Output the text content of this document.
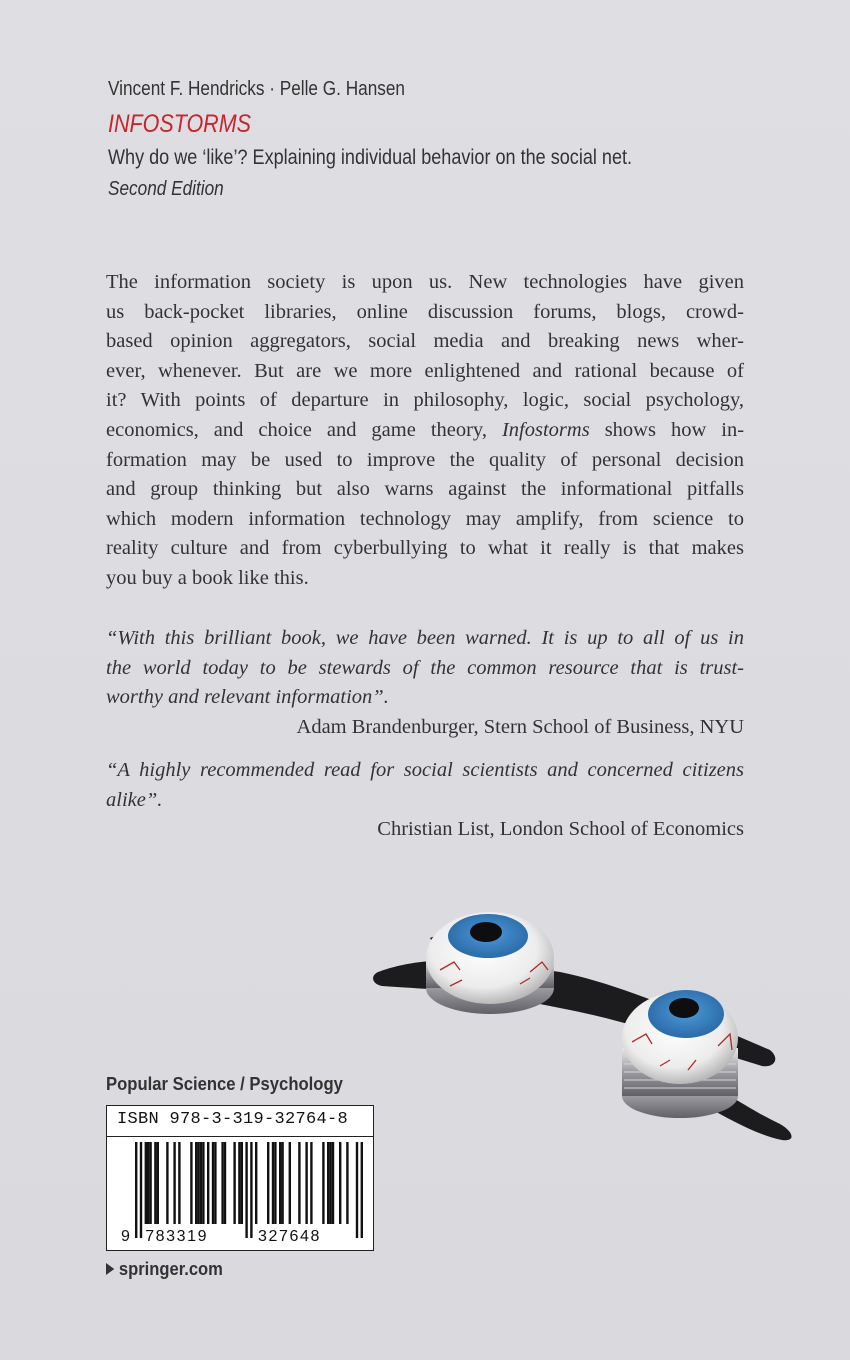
Vincent F. Hendricks · Pelle G. Hansen
INFOSTORMS
Why do we ‘like’? Explaining individual behavior on the social net.
Second Edition
The information society is upon us. New technologies have given
us back-pocket libraries, online discussion forums, blogs, crowd-
based opinion aggregators, social media and breaking news wher-
ever, whenever. But are we more enlightened and rational because of
it? With points of departure in philosophy, logic, social psychology,
economics, and choice and game theory, Infostorms shows how in-
formation may be used to improve the quality of personal decision
and group thinking but also warns against the informational pitfalls
which modern information technology may amplify, from science to
reality culture and from cyberbullying to what it really is that makes
you buy a book like this.
“With this brilliant book, we have been warned. It is up to all of us in
the world today to be stewards of the common resource that is trust-
worthy and relevant information”.
Adam Brandenburger, Stern School of Business, NYU
“A highly recommended read for social scientists and concerned citizens
alike”.
Christian List, London School of Economics
Popular Science / Psychology
ISBN 978-3-319-32764-8
9 783319	327648
springer.com
